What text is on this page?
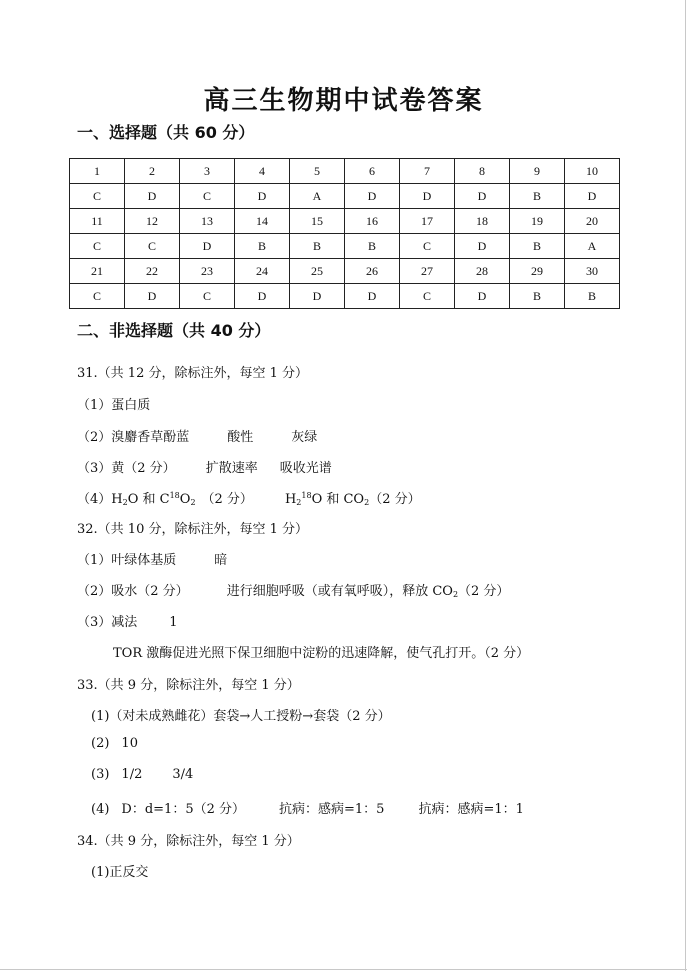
高三生物期中试卷答案
一、选择题（共 60 分）
1	2	3	4	5	6	7	8	9	10
C	D	C	D	A	D	D	D	B	D
11	12	13	14	15	16	17	18	19	20
C	C	D	B	B	B	C	D	B	A
21	22	23	24	25	26	27	28	29	30
C	D	C	D	D	D	C	D	B	B
二、非选择题（共 40 分）
31.（共 12 分，除标注外，每空 1 分）
（1）蛋白质
（2）溴麝香草酚蓝	酸性	灰绿
（3）黄（2 分） 扩散速率 吸收光谱
$(4)H_2O$ 和 $C^{18}O_2$ （2 分） $H_2^{18}O$ 和 $CO_2(2$ 分）
32.（共 10 分，除标注外，每空 1 分）
（1）叶绿体基质	暗
（2）吸水（2 分）	进行细胞呼吸（或有氧呼吸），释放 $CO_2(2$ 分）
（3）减法 1
TOR 激酶促进光照下保卫细胞中淀粉的迅速降解，使气孔打开。（2 分）
33.（共 9 分，除标注外，每空 1 分）
(1)（对未成熟雌花）套袋→人工授粉→套袋（2 分）
(2) 10
(3) 1/2 3/4
(4) D：d=1：5（2 分）	抗病：感病=1：5	抗病：感病=1：1
34.（共 9 分，除标注外，每空 1 分）
(1)正反交
